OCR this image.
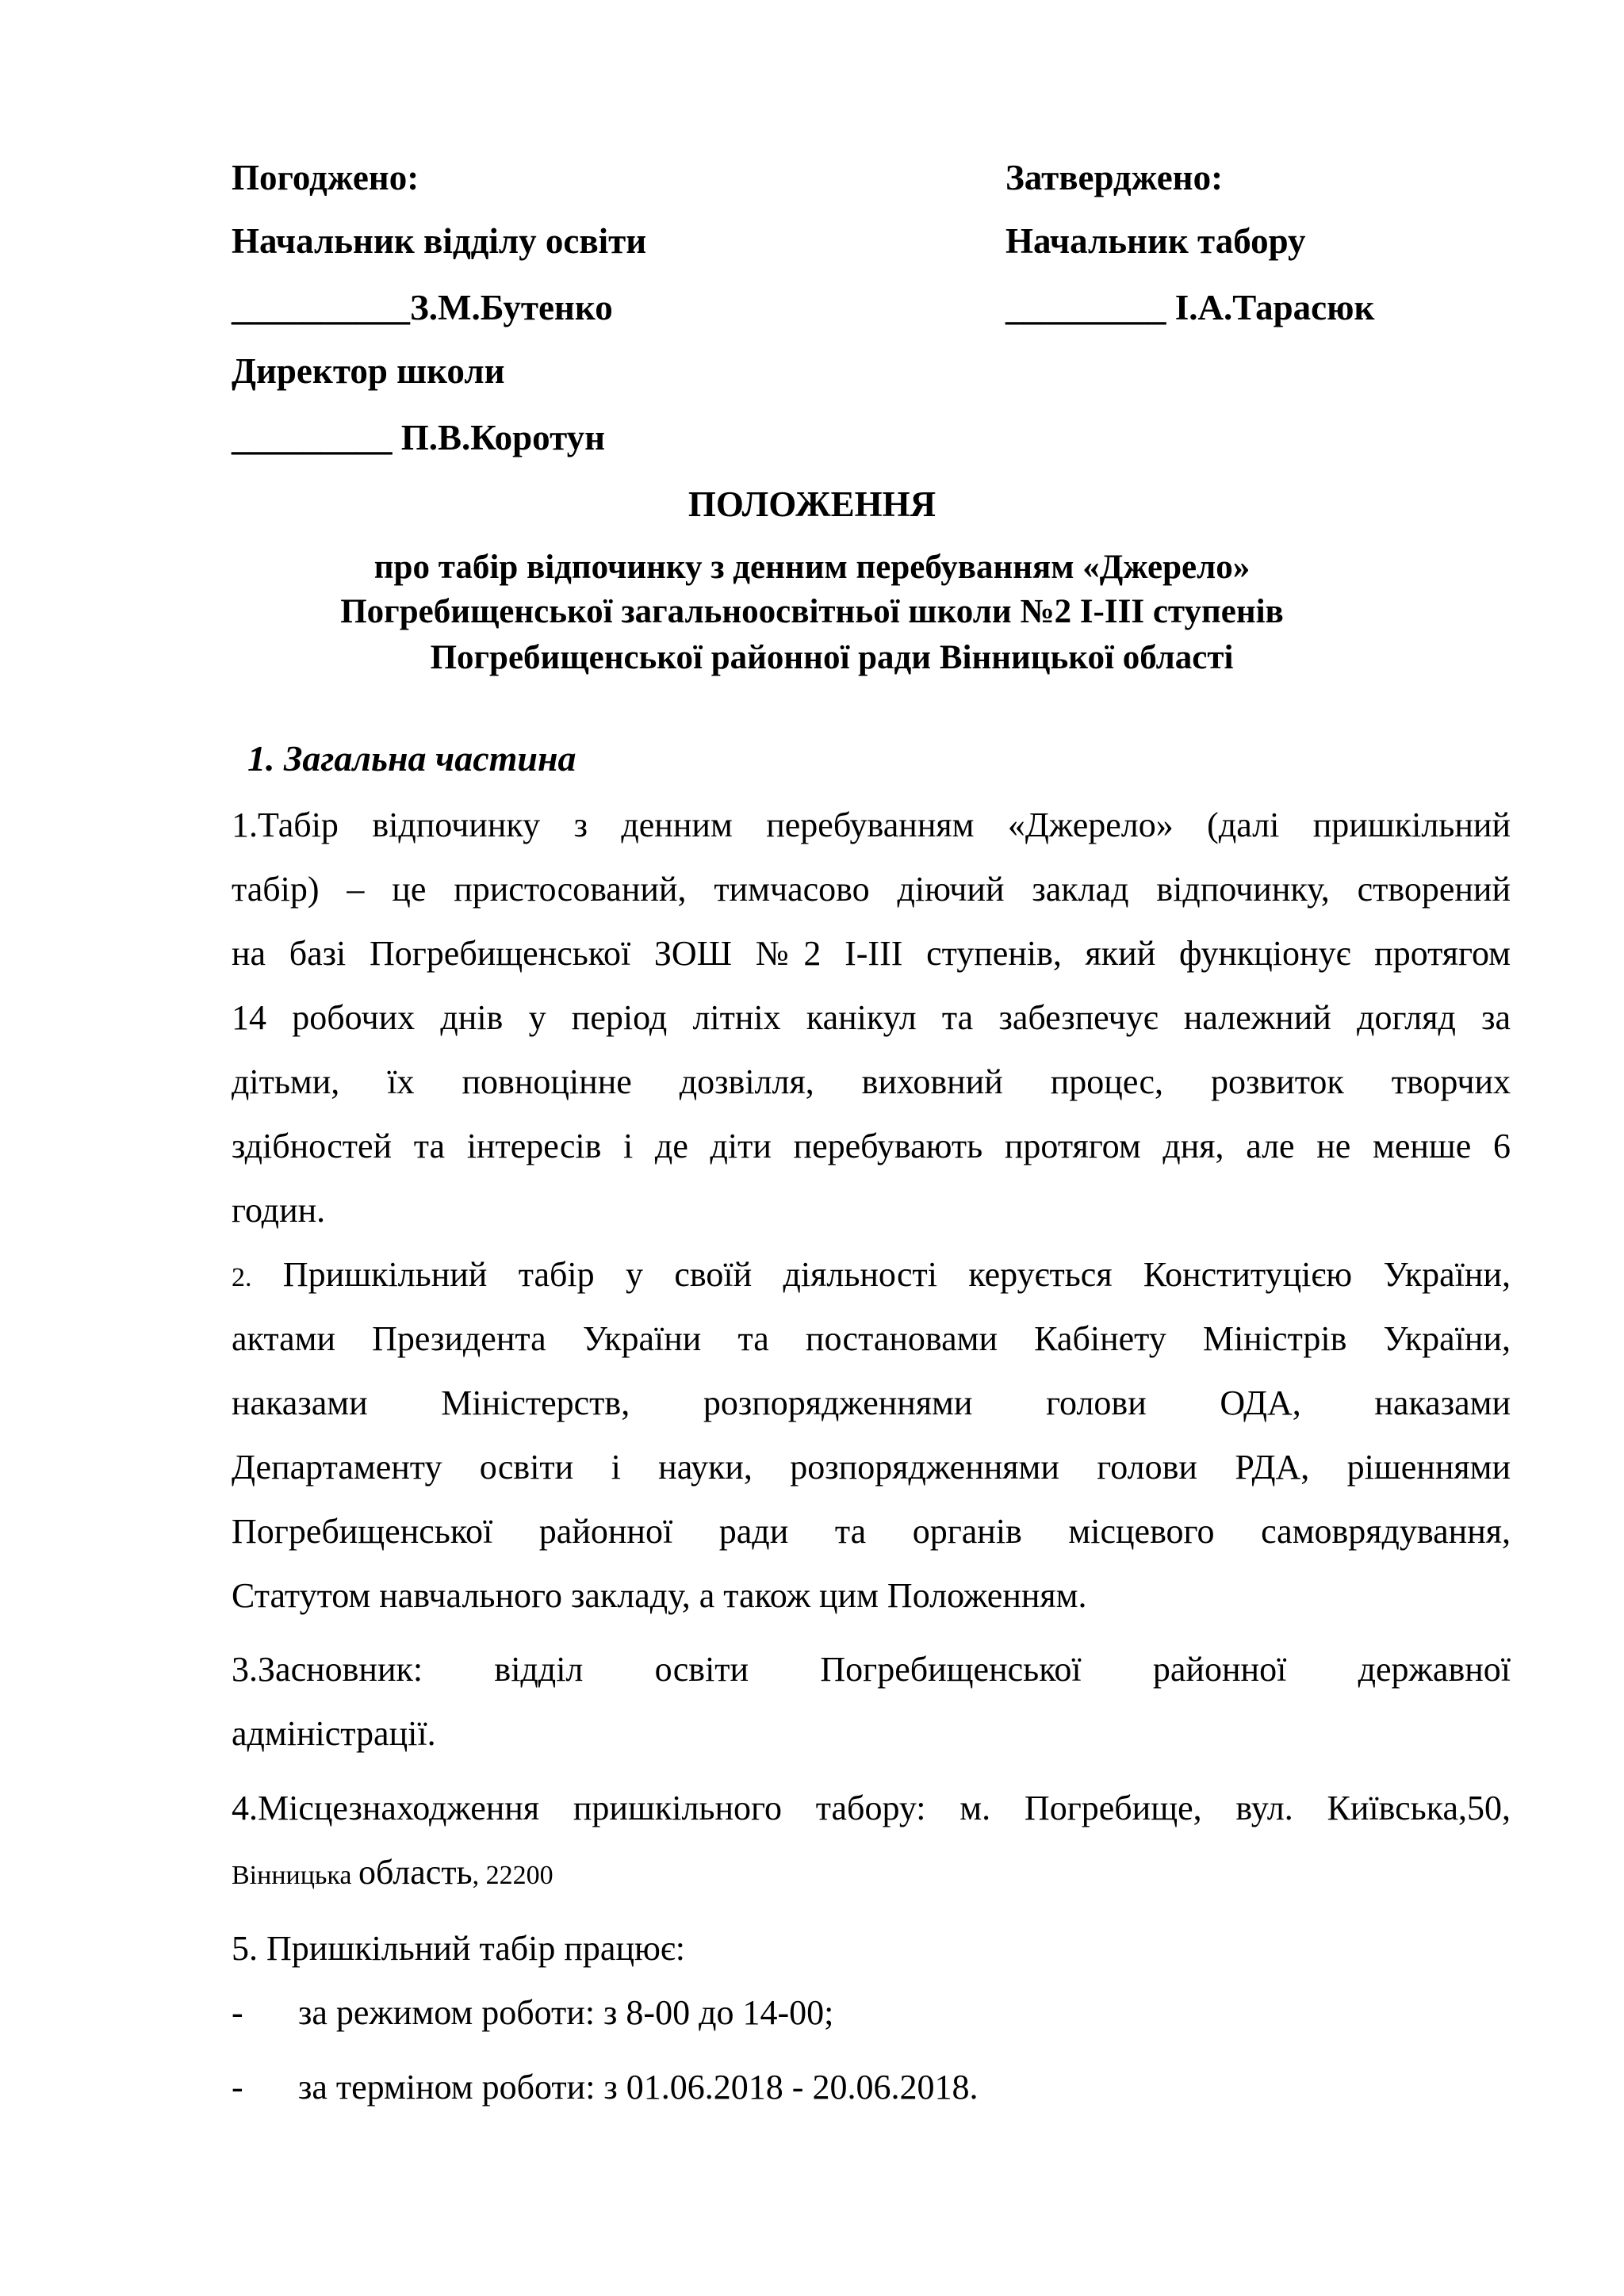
Погоджено:
Начальник відділу освіти
__________З.М.Бутенко
Директор школи
_________ П.В.Коротун
Затверджено:
Начальник табору
_________ І.А.Тарасюк
ПОЛОЖЕННЯ
про табір відпочинку з денним перебуванням «Джерело»
Погребищенської загальноосвітньої школи №2 І-ІІІ ступенів
Погребищенської районної ради Вінницької області
1. Загальна частина
1.Табір відпочинку з денним перебуванням «Джерело» (далі пришкільний
табір) – це пристосований, тимчасово діючий заклад відпочинку, створений
на базі Погребищенської ЗОШ №2 І-ІІІ ступенів, який функціонує протягом
14 робочих днів у період літніх канікул та забезпечує належний догляд за
дітьми, їх повноцінне дозвілля, виховний процес, розвиток творчих
здібностей та інтересів і де діти перебувають протягом дня, але не менше 6
годин.
2. Пришкільний табір у своїй діяльності керується Конституцією України,
актами Президента України та постановами Кабінету Міністрів України,
наказами Міністерств, розпорядженнями голови ОДА, наказами
Департаменту освіти і науки, розпорядженнями голови РДА, рішеннями
Погребищенської районної ради та органів місцевого самоврядування,
Статутом навчального закладу, а також цим Положенням.
3.Засновник: відділ освіти Погребищенської районної державної
адміністрації.
4.Місцезнаходження пришкільного табору: м. Погребище, вул. Київська,50,
Вінницька область, 22200
5. Пришкільний табір працює:
- за режимом роботи: з 8-00 до 14-00;
- за терміном роботи: з 01.06.2018 - 20.06.2018.
